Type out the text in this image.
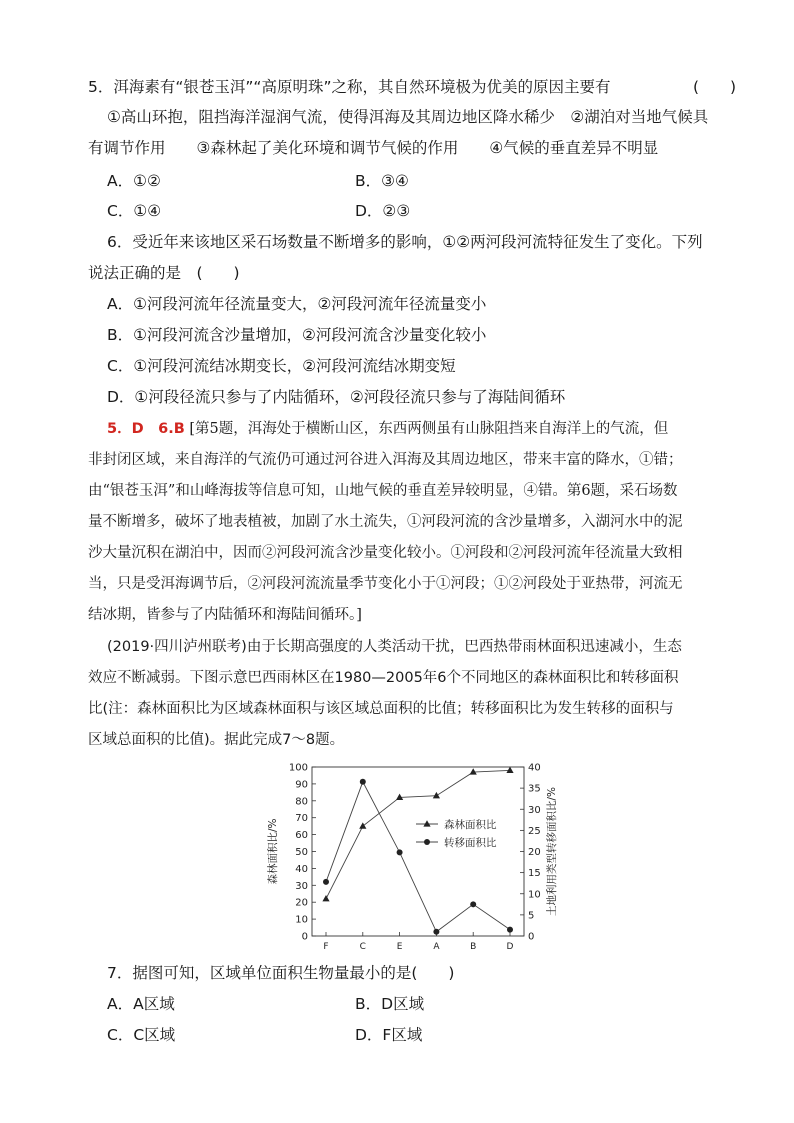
5．洱海素有“银苍玉洱”“高原明珠”之称，其自然环境极为优美的原因主要有	(　　)
①高山环抱，阻挡海洋湿润气流，使得洱海及其周边地区降水稀少　②湖泊对当地气候具
有调节作用　　③森林起了美化环境和调节气候的作用　　④气候的垂直差异不明显
A．①②	B．③④
C．①④	D．②③
6．受近年来该地区采石场数量不断增多的影响，①②两河段河流特征发生了变化。下列
说法正确的是　(　　)
A．①河段河流年径流量变大，②河段河流年径流量变小
B．①河段河流含沙量增加，②河段河流含沙量变化较小
C．①河段河流结冰期变长，②河段河流结冰期变短
D．①河段径流只参与了内陆循环，②河段径流只参与了海陆间循环
5．D　6.B [第5题，洱海处于横断山区，东西两侧虽有山脉阻挡来自海洋上的气流，但
非封闭区域，来自海洋的气流仍可通过河谷进入洱海及其周边地区，带来丰富的降水，①错；
由“银苍玉洱”和山峰海拔等信息可知，山地气候的垂直差异较明显，④错。第6题，采石场数
量不断增多，破坏了地表植被，加剧了水土流失，①河段河流的含沙量增多，入湖河水中的泥
沙大量沉积在湖泊中，因而②河段河流含沙量变化较小。①河段和②河段河流年径流量大致相
当，只是受洱海调节后，②河段河流流量季节变化小于①河段；①②河段处于亚热带，河流无
结冰期，皆参与了内陆循环和海陆间循环。]
(2019·四川泸州联考)由于长期高强度的人类活动干扰，巴西热带雨林面积迅速减小，生态
效应不断减弱。下图示意巴西雨林区在1980—2005年6个不同地区的森林面积比和转移面积
比(注：森林面积比为区域森林面积与该区域总面积的比值；转移面积比为发生转移的面积与
区域总面积的比值)。据此完成7～8题。
0
10
20
30
40
50
60
70
80
90
100
0
5
10
15
20
25
30
35
40
F	C	E	A	B	D
森林面积比/%	土地利用类型转移面积比/%
森林面积比
转移面积比
7．据图可知，区域单位面积生物量最小的是(　　)
A．A区域	B．D区域
C．C区域	D．F区域
